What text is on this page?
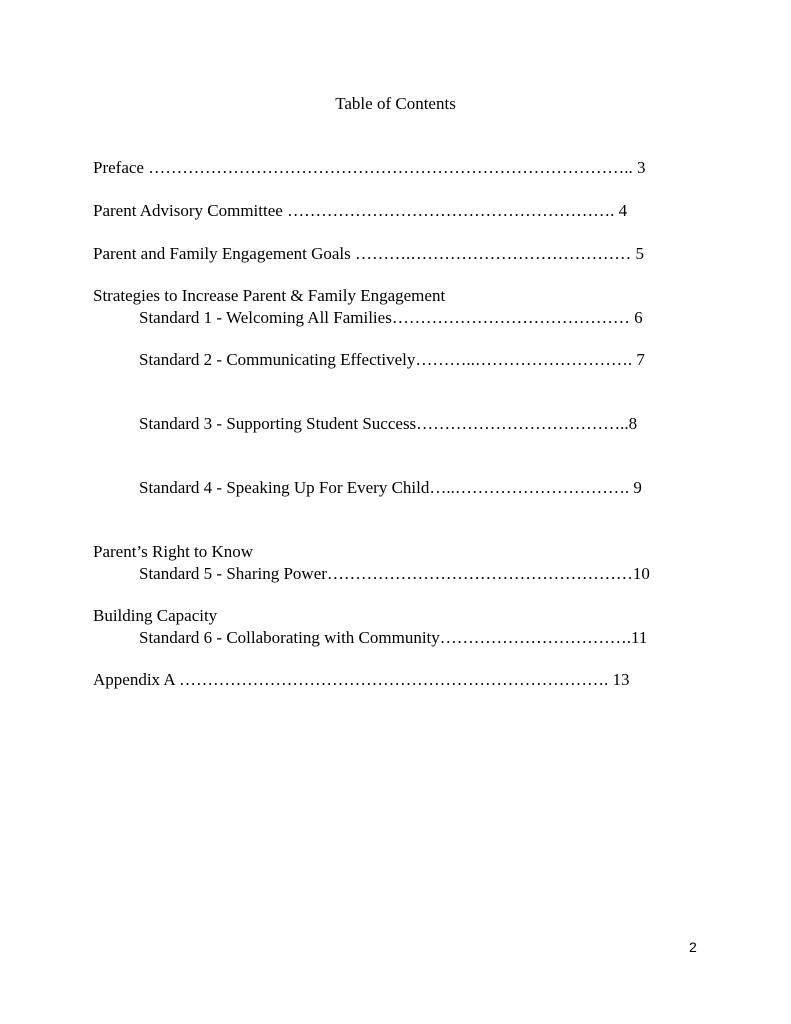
Table of Contents
Preface ………………………………………………………………………….. 3
Parent Advisory Committee …………………………………………………. 4
Parent and Family Engagement Goals ……….………………………………… 5
Strategies to Increase Parent & Family Engagement
Standard 1 - Welcoming All Families…………………………………… 6
Standard 2 - Communicating Effectively………..………………………. 7
Standard 3 - Supporting Student Success………………………………..8
Standard 4 - Speaking Up For Every Child…..…………………………. 9
Parent’s Right to Know
Standard 5 - Sharing Power………………………………………………10
Building Capacity
Standard 6 - Collaborating with Community…………………………….11
Appendix A …………………………………………………………………. 13
2
